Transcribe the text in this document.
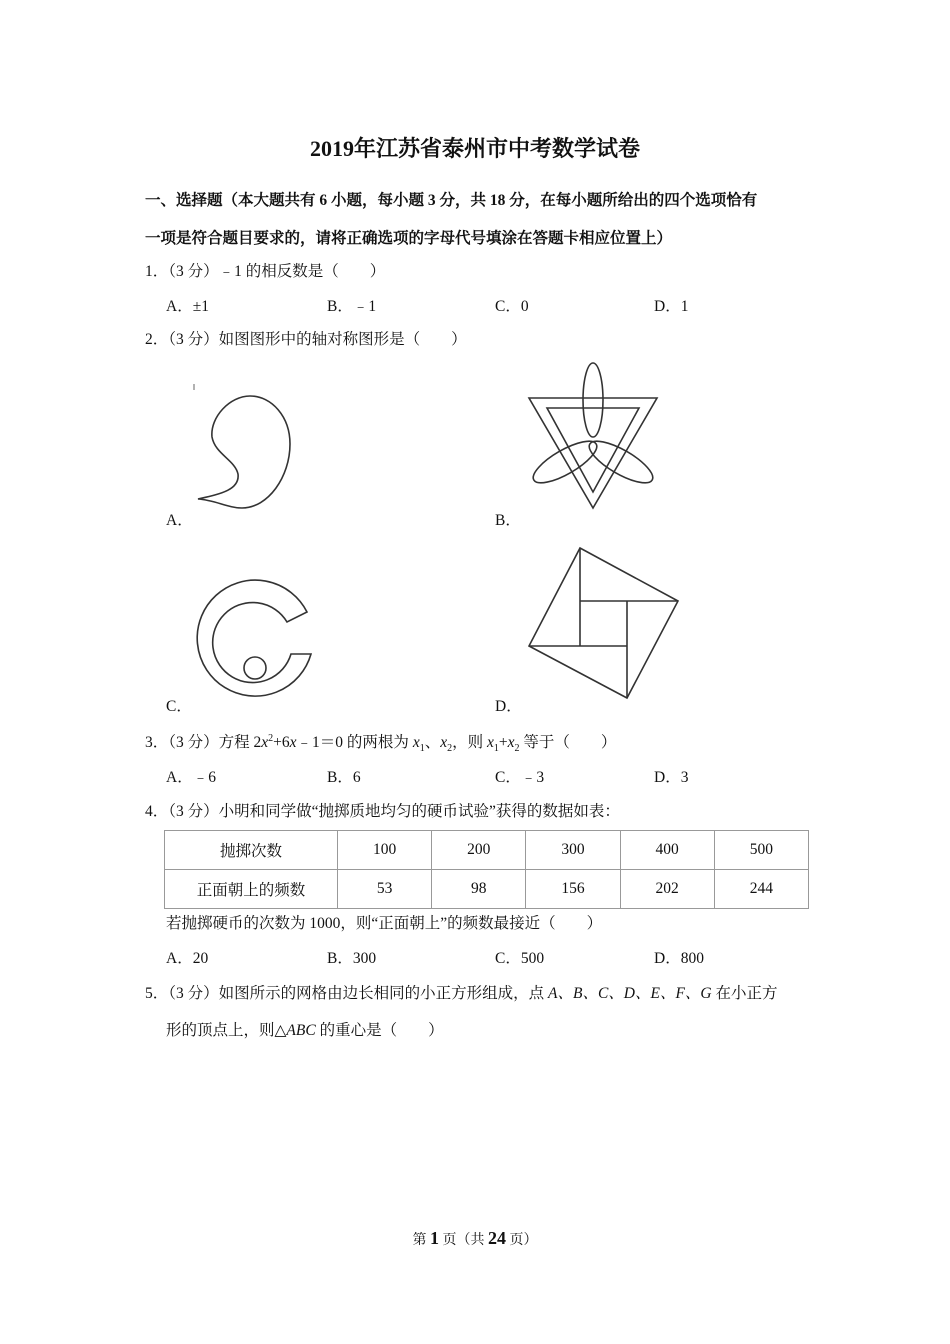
2019年江苏省泰州市中考数学试卷
一、选择题（本大题共有 6 小题，每小题 3 分，共 18 分，在每小题所给出的四个选项恰有
一项是符合题目要求的，请将正确选项的字母代号填涂在答题卡相应位置上）
1．（3 分）﹣1 的相反数是（　　）
A．±1	B．﹣1	C．0	D．1
2．（3 分）如图图形中的轴对称图形是（　　）
A．	B．
C．	D．
3．（3 分）方程 $2x^2+6x﹣1=0$ 的两根为 $x_1$、$x_2$，则 $x_1+x_2$ 等于（　　）
A．﹣6	B．6	C．﹣3	D．3
4．（3 分）小明和同学做“抛掷质地均匀的硬币试验”获得的数据如表：
抛掷次数	100	200	300	400	500
正面朝上的频数	53	98	156	202	244
若抛掷硬币的次数为 1000，则“正面朝上”的频数最接近（　　）
A．20	B．300	C．500	D．800
5．（3 分）如图所示的网格由边长相同的小正方形组成，点 A、B、C、D、E、F、G 在小正方
形的顶点上，则△ABC 的重心是（　　）
第 1 页（共 24 页）
